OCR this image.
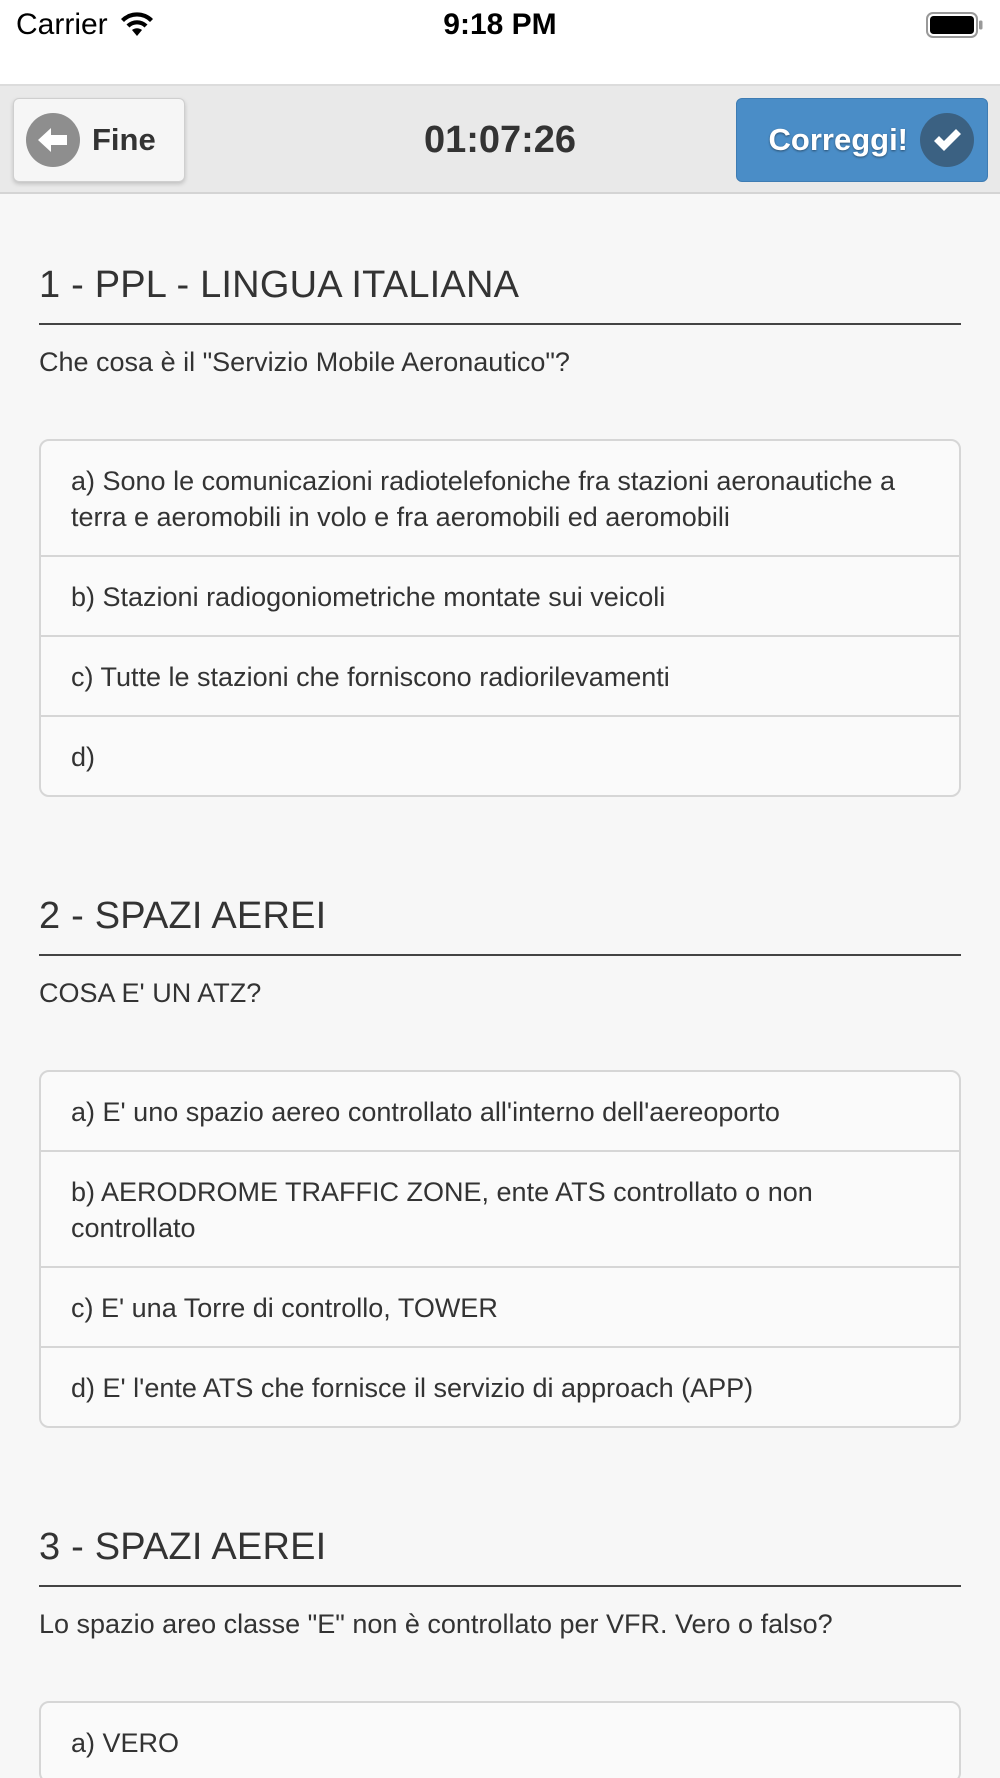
Carrier	9:18 PM
Fine	01:07:26	Correggi!
1 - PPL - LINGUA ITALIANA

Che cosa è il "Servizio Mobile Aeronautico"?

a) Sono le comunicazioni radiotelefoniche fra stazioni aeronautiche a terra e aeromobili in volo e fra aeromobili ed aeromobili
b) Stazioni radiogoniometriche montate sui veicoli
c) Tutte le stazioni che forniscono radiorilevamenti
d)
2 - SPAZI AEREI

COSA E' UN ATZ?

a) E' uno spazio aereo controllato all'interno dell'aereoporto
b) AERODROME TRAFFIC ZONE, ente ATS controllato o non controllato
c) E' una Torre di controllo, TOWER
d) E' l'ente ATS che fornisce il servizio di approach (APP)
3 - SPAZI AEREI

Lo spazio areo classe "E" non è controllato per VFR. Vero o falso?

a) VERO
